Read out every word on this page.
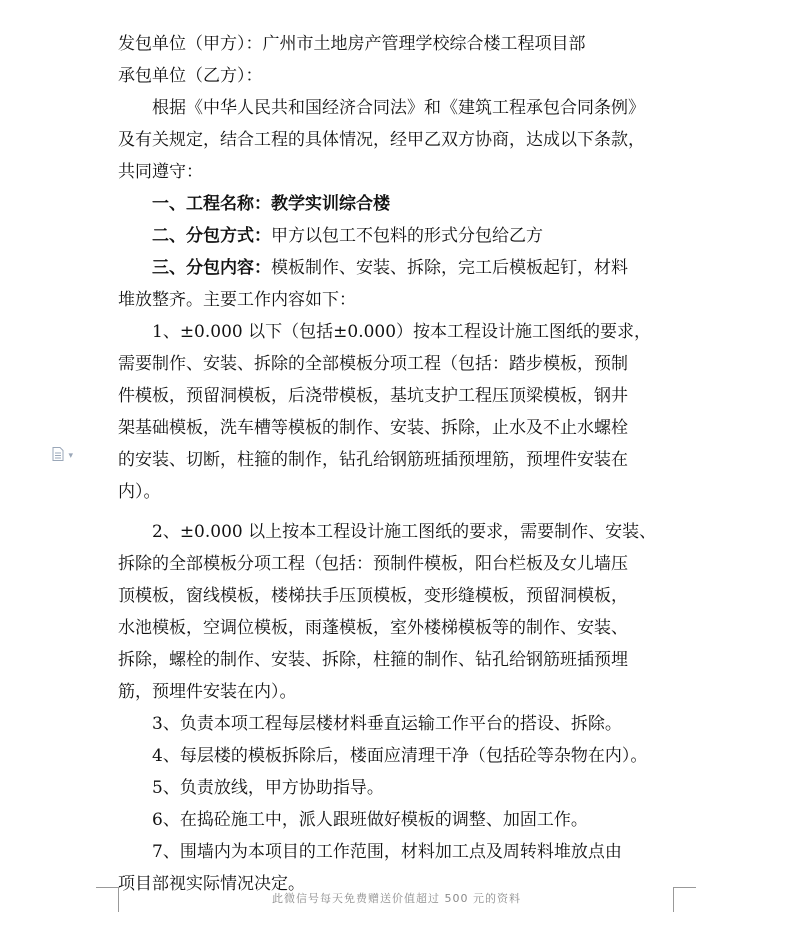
▾
发包单位（甲方）：广州市土地房产管理学校综合楼工程项目部
承包单位（乙方）：
根据《中华人民共和国经济合同法》和《建筑工程承包合同条例》
及有关规定，结合工程的具体情况，经甲乙双方协商，达成以下条款，
共同遵守：
一、工程名称：教学实训综合楼
二、分包方式：甲方以包工不包料的形式分包给乙方
三、分包内容：模板制作、安装、拆除，完工后模板起钉，材料
堆放整齐。主要工作内容如下：
1、±0.000 以下（包括±0.000）按本工程设计施工图纸的要求，
需要制作、安装、拆除的全部模板分项工程（包括：踏步模板，预制
件模板，预留洞模板，后浇带模板，基坑支护工程压顶梁模板，钢井
架基础模板，洗车槽等模板的制作、安装、拆除，止水及不止水螺栓
的安装、切断，柱箍的制作，钻孔给钢筋班插预埋筋，预埋件安装在
内）。
2、±0.000 以上按本工程设计施工图纸的要求，需要制作、安装、
拆除的全部模板分项工程（包括：预制件模板，阳台栏板及女儿墙压
顶模板，窗线模板，楼梯扶手压顶模板，变形缝模板，预留洞模板，
水池模板，空调位模板，雨蓬模板，室外楼梯模板等的制作、安装、
拆除，螺栓的制作、安装、拆除，柱箍的制作、钻孔给钢筋班插预埋
筋，预埋件安装在内）。
3、负责本项工程每层楼材料垂直运输工作平台的搭设、拆除。
4、每层楼的模板拆除后，楼面应清理干净（包括砼等杂物在内）。
5、负责放线，甲方协助指导。
6、在捣砼施工中，派人跟班做好模板的调整、加固工作。
7、围墙内为本项目的工作范围，材料加工点及周转料堆放点由
项目部视实际情况决定。
此微信号每天免费赠送价值超过 500 元的资料
